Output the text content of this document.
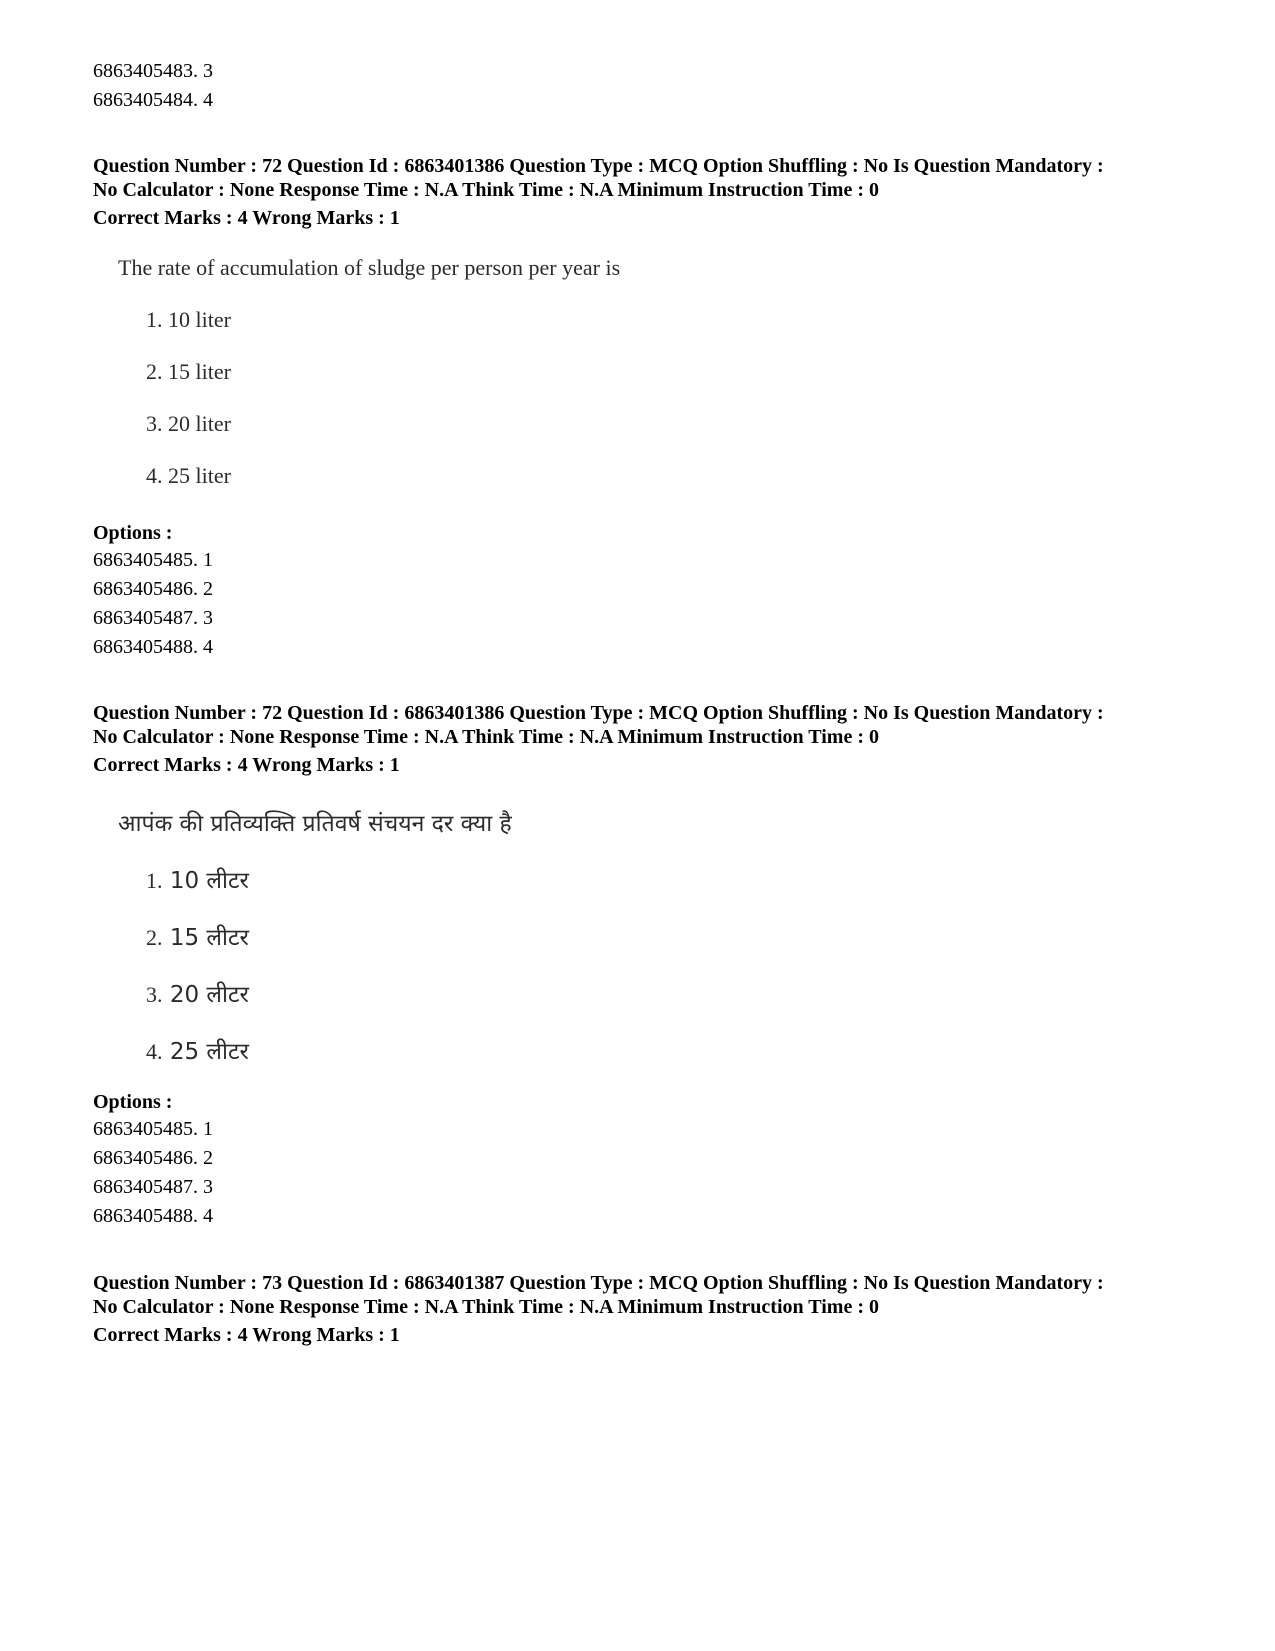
6863405483. 3
6863405484. 4
Question Number : 72 Question Id : 6863401386 Question Type : MCQ Option Shuffling : No Is Question Mandatory :
No Calculator : None Response Time : N.A Think Time : N.A Minimum Instruction Time : 0
Correct Marks : 4 Wrong Marks : 1
The rate of accumulation of sludge per person per year is
1. 10 liter
2. 15 liter
3. 20 liter
4. 25 liter
Options :
6863405485. 1
6863405486. 2
6863405487. 3
6863405488. 4
Question Number : 72 Question Id : 6863401386 Question Type : MCQ Option Shuffling : No Is Question Mandatory :
No Calculator : None Response Time : N.A Think Time : N.A Minimum Instruction Time : 0
Correct Marks : 4 Wrong Marks : 1
आपंक की प्रतिव्यक्ति प्रतिवर्ष संचयन दर क्या है
1. 10 लीटर
2. 15 लीटर
3. 20 लीटर
4. 25 लीटर
Options :
6863405485. 1
6863405486. 2
6863405487. 3
6863405488. 4
Question Number : 73 Question Id : 6863401387 Question Type : MCQ Option Shuffling : No Is Question Mandatory :
No Calculator : None Response Time : N.A Think Time : N.A Minimum Instruction Time : 0
Correct Marks : 4 Wrong Marks : 1
